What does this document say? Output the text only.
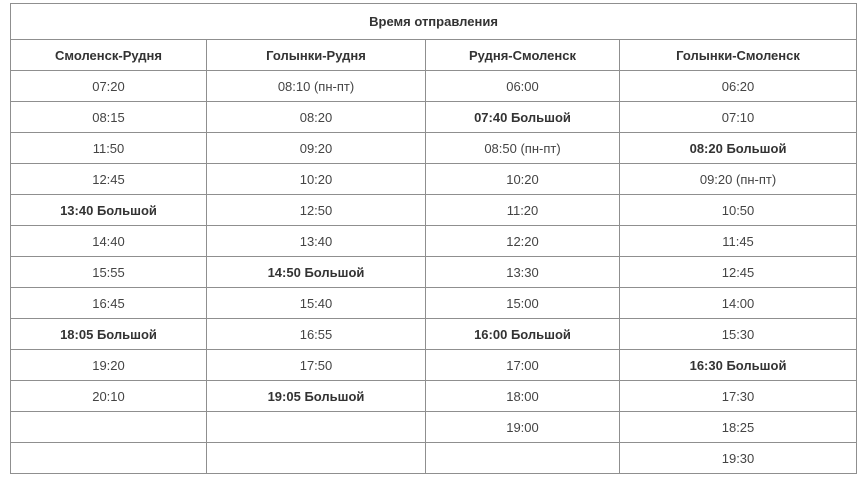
Время отправления			
Смоленск-Рудня	Голынки-Рудня	Рудня-Смоленск	Голынки-Смоленск
07:20	08:10 (пн-пт)	06:00	06:20
08:15	08:20	07:40 Большой	07:10
11:50	09:20	08:50 (пн-пт)	08:20 Большой
12:45	10:20	10:20	09:20 (пн-пт)
13:40 Большой	12:50	11:20	10:50
14:40	13:40	12:20	11:45
15:55	14:50 Большой	13:30	12:45
16:45	15:40	15:00	14:00
18:05 Большой	16:55	16:00 Большой	15:30
19:20	17:50	17:00	16:30 Большой
20:10	19:05 Большой	18:00	17:30
		19:00	18:25
			19:30
